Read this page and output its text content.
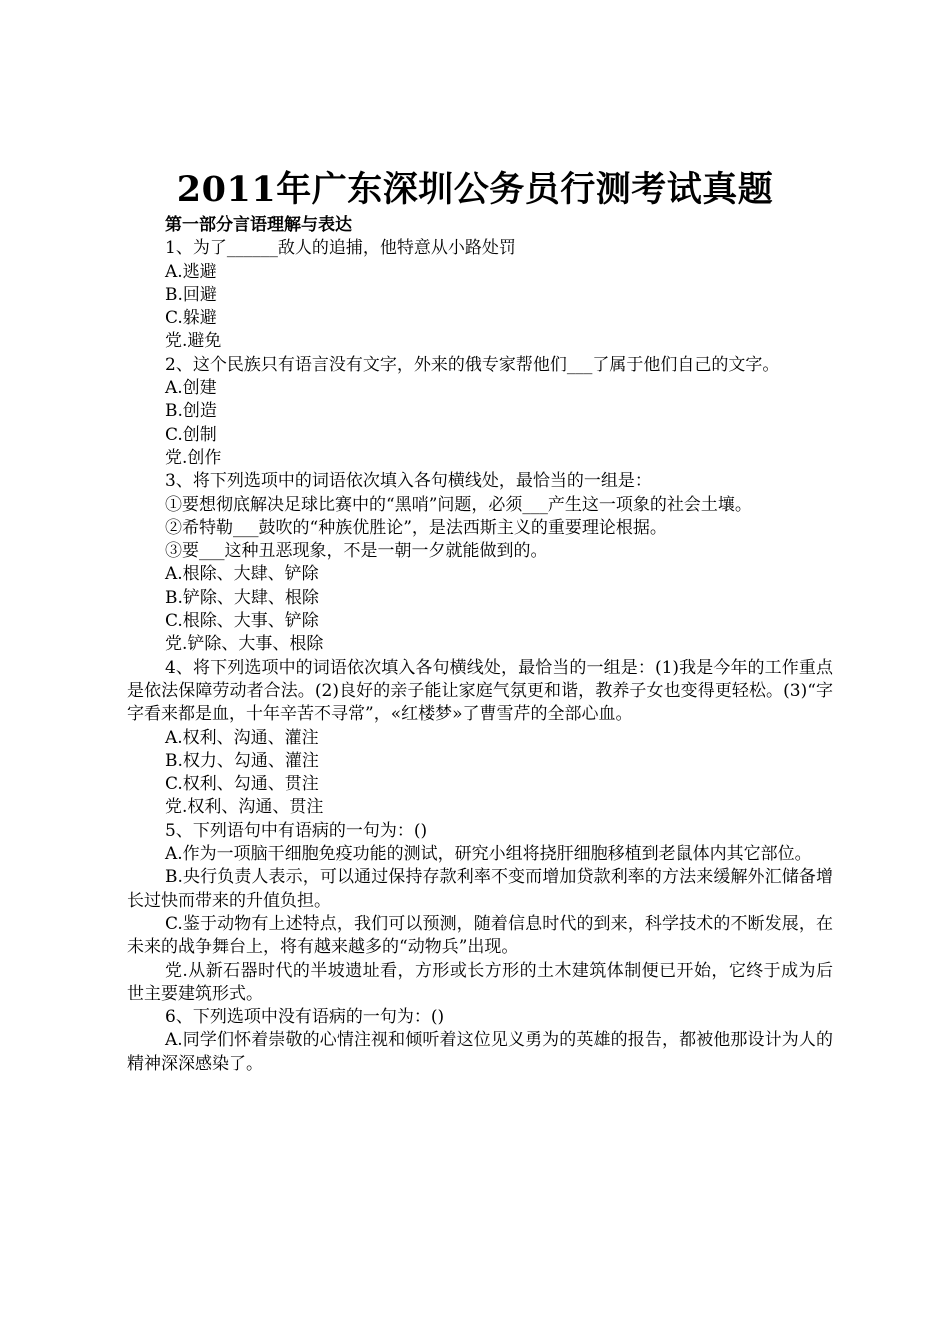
2011年广东深圳公务员行测考试真题

第一部分言语理解与表达

1、为了______敌人的追捕，他特意从小路处罚

A.逃避

B.回避

C.躲避

党.避免

2、这个民族只有语言没有文字，外来的俄专家帮他们___了属于他们自己的文字。

A.创建

B.创造

C.创制

党.创作

3、将下列选项中的词语依次填入各句横线处，最恰当的一组是：

①要想彻底解决足球比赛中的“黑哨”问题，必须___产生这一项象的社会土壤。

②希特勒___鼓吹的“种族优胜论”，是法西斯主义的重要理论根据。

③要___这种丑恶现象，不是一朝一夕就能做到的。

A.根除、大肆、铲除

B.铲除、大肆、根除

C.根除、大事、铲除

党.铲除、大事、根除

4、将下列选项中的词语依次填入各句横线处，最恰当的一组是：(1)我是今年的工作重点是依法保障劳动者合法。(2)良好的亲子能让家庭气氛更和谐，教养子女也变得更轻松。(3)“字字看来都是血，十年辛苦不寻常”，«红楼梦»了曹雪芹的全部心血。

A.权利、沟通、灌注

B.权力、勾通、灌注

C.权利、勾通、贯注

党.权利、沟通、贯注

5、下列语句中有语病的一句为：()

A.作为一项脑干细胞免疫功能的测试，研究小组将挠肝细胞移植到老鼠体内其它部位。

B.央行负责人表示，可以通过保持存款利率不变而增加贷款利率的方法来缓解外汇储备增长过快而带来的升值负担。

C.鉴于动物有上述特点，我们可以预测，随着信息时代的到来，科学技术的不断发展，在未来的战争舞台上，将有越来越多的“动物兵”出现。

党.从新石器时代的半坡遗址看，方形或长方形的土木建筑体制便已开始，它终于成为后世主要建筑形式。

6、下列选项中没有语病的一句为：()

A.同学们怀着崇敬的心情注视和倾听着这位见义勇为的英雄的报告，都被他那设计为人的精神深深感染了。
